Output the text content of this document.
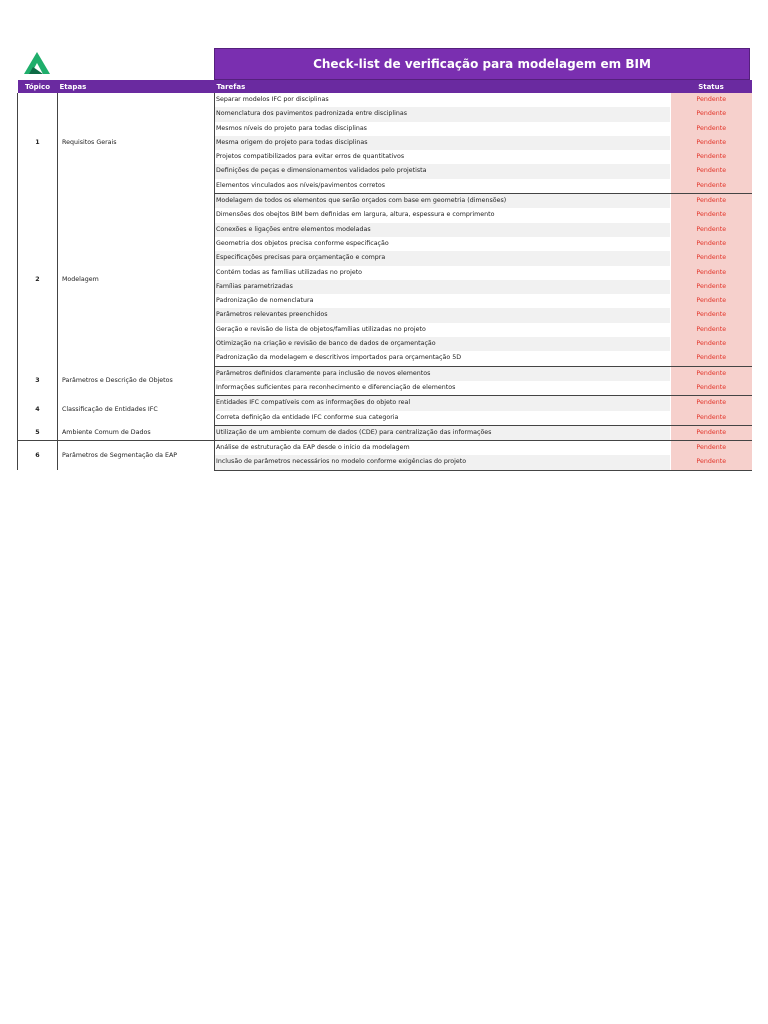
Check-list de verificação para modelagem em BIM
Tópico	Etapas	Tarefas	Status
1	Requisitos Gerais	Separar modelos IFC por disciplinas	Pendente
		Nomenclatura dos pavimentos padronizada entre disciplinas	Pendente
		Mesmos níveis do projeto para todas disciplinas	Pendente
		Mesma origem do projeto para todas disciplinas	Pendente
		Projetos compatibilizados para evitar erros de quantitativos	Pendente
		Definições de peças e dimensionamentos validados pelo projetista	Pendente
		Elementos vinculados aos níveis/pavimentos corretos	Pendente
2	Modelagem	Modelagem de todos os elementos que serão orçados com base em geometria (dimensões)	Pendente
		Dimensões dos obejtos BIM bem definidas em largura, altura, espessura e comprimento	Pendente
		Conexões e ligações entre elementos modeladas	Pendente
		Geometria dos objetos precisa conforme especificação	Pendente
		Especificações precisas para orçamentação e compra	Pendente
		Contém todas as famílias utilizadas no projeto	Pendente
		Famílias parametrizadas	Pendente
		Padronização de nomenclatura	Pendente
		Parâmetros relevantes preenchidos	Pendente
		Geração e revisão de lista de objetos/famílias utilizadas no projeto	Pendente
		Otimização na criação e revisão de banco de dados de orçamentação	Pendente
		Padronização da modelagem e descritivos importados para orçamentação 5D	Pendente
3	Parâmetros e Descrição de Objetos	Parâmetros definidos claramente para inclusão de novos elementos	Pendente
		Informações suficientes para reconhecimento e diferenciação de elementos	Pendente
4	Classificação de Entidades IFC	Entidades IFC compatíveis com as informações do objeto real	Pendente
		Correta definição da entidade IFC conforme sua categoria	Pendente
5	Ambiente Comum de Dados	Utilização de um ambiente comum de dados (CDE) para centralização das informações	Pendente
6	Parâmetros de Segmentação da EAP	Análise de estruturação da EAP desde o início da modelagem	Pendente
		Inclusão de parâmetros necessários no modelo conforme exigências do projeto	Pendente
